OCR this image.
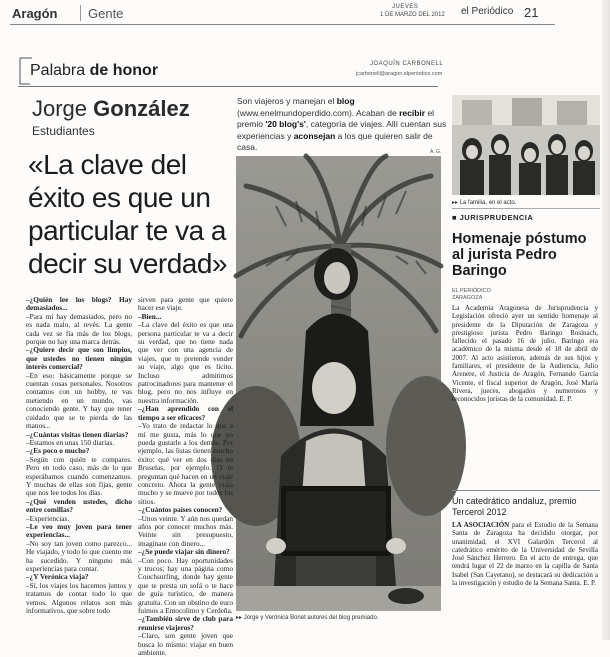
Aragón Gente	JUEVES
1 DE MARZO DEL 2012 el Periódico 21
Palabra de honor	JOAQUÍN CARBONELL
jcarbonell@aragon.elperiodico.com
Jorge González
Estudiantes
Son viajeros y manejan el blog (www.enelmundoperdido.com). Acaban de recibir el premio '20 blog's', categoría de viajes. Allí cuentan sus experiencias y aconsejan a los que quieren salir de casa.	A. G.
«La clave del éxito es que un particular te va a decir su verdad»
▸▸ Jorge y Verónica Bonet autores del blog premiado.
–¿Quién lee los blogs? Hay demasiados...
–Para mí hay demasiados, pero no es nada malo, al revés. La gente cada vez se fía más de los blogs, porque no hay una marca detrás.
–¿Quiere decir que son limpios, que ustedes no tienen ningún interés comercial?
–En eso: básicamente porque se cuentan cosas personales. Nosotros contamos con un hobby, te vas metiendo en un mundo, vas conociendo gente. Y hay que tener cuidado que se te pierda de las manos...
–¿Cuántas visitas tienen diarias?
–Estamos en unas 150 diarias.
–¿Es poco o mucho?
–Según con quién te compares. Pero en todo caso, más de lo que esperábamos cuando comenzamos. Y muchas de ellas son fijas, gente que nos lee todos los días.
–¿Qué venden ustedes, dicho entre comillas?
–Experiencias.
–Le veo muy joven para tener experiencias...
–No soy tan joven como parezco... He viajado, y todo lo que cuento me ha sucedido. Y ninguno más experiencias para contar.
–¿Y Verónica viaja?
–Sí, los viajes los hacemos juntos y tratamos de contar todo lo que vemos. Algunos relatos son más informativos, que sobre todo
sirven para gente que quiere hacer ese viaje.
–Bien...
–La clave del éxito es que una persona particular te va a decir su verdad, que no tiene nada que ver con una agencia de viajes, que te pretende vender su viaje, algo que es lícito. Incluso admitimos patrocinadores para mantener el blog, pero no nos influye en nuestra información.
–¿Han aprendido con el tiempo a ser eficaces?
–Yo trato de redactar lo que a mí me gusta, más lo que yo pueda gustarle a los demás. Por ejemplo, las listas tienen mucho éxito: qué ver en dos días en Bruselas, por ejemplo. O te preguntan qué hacen en un viaje concreto. Ahora la gente viaja mucho y se mueve por todos los sitios.
–¿Cuántos países conocen?
–Unos veinte. Y aún nos quedan años por conocer muchos más. Veinte sin presupuesto, imagínate con dinero...
–¿Se puede viajar sin dinero?
–Con poco. Hay oportunidades y trucos; hay una página como Couchsurfing, donde hay gente que te presta un sofá o te hace de guía turístico, de manera gratuita. Con un obstino de euro fuimos a Entocolimo y Cerdeña.
–¿También sirve de club para reunirse viajeros?
–Claro, son gente joven que busca lo mismo: viajar en buen ambiente.
▸▸ La familia, en el acto.
■ JURISPRUDENCIA
Homenaje póstumo al jurista Pedro Baringo
EL PERIÓDICO
ZARAGOZA
La Academia Aragonesa de Jurisprudencia y Legislación ofreció ayer un sentido homenaje al presidente de la Diputación de Zaragoza y prestigioso jurista Pedro Baringo Rosinach, fallecido el pasado 16 de julio. Baringo era académico de la misma desde el 18 de abril de 2007. Al acto asistieron, además de sus hijos y familiares, el presidente de la Audiencia, Julio Arenere, el Justicia de Aragón, Fernando García Vicente, el fiscal superior de Aragón, José María Rivera, jueces, abogados y numerosos y reconocidos juristas de la comunidad. E. P.
Un catedrático andaluz, premio Tercerol 2012
LA ASOCIACIÓN para el Estudio de la Semana Santa de Zaragoza ha decidido otorgar, por unanimidad, el XVI Galardón Tercerol al catedrático emérito de la Universidad de Sevilla José Sánchez Herrero. En el acto de entrega, que tendrá lugar el 22 de marzo en la capilla de Santa Isabel (San Cayetano), se destacará su dedicación a la investigación y estudio de la Semana Santa. E. P.
